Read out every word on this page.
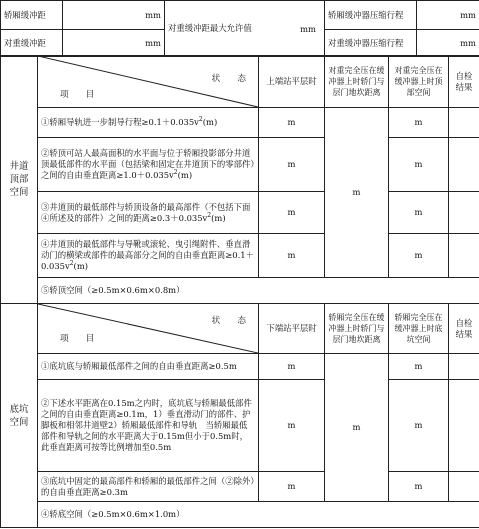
轿厢缓冲距	mm	对重缓冲距最大允许值 mm	轿厢缓冲器压缩行程	mm
对重缓冲距	mm		对重缓冲器压缩行程	mm
井道顶部空间	状　　态
项　　目	上端站平层时	对重完全压在缓冲器上时轿门与层门地坎距离	对重完全压在缓冲器上时顶部空间	自检结果
	①轿厢导轨进一步制导行程$\ge 0.1+0.035v^2(m)$	m	m	m	
	②轿顶可站人最高面积的水平面与位于轿厢投影部分井道顶最低部件的水平面（包括梁和固定在井道顶下的零部件）之间的自由垂直距离$\ge 1.0+0.035v^2(m)$	m		m	
	③井道顶的最低部件与轿顶设备的最高部件（不包括下面④所述及的部件）之间的距离$\ge 0.3+0.035v^2(m)$	m		m	
	④井道顶的最低部件与导靴或滚轮、曳引绳附件、垂直滑动门的横梁或部件的最高部分之间的自由垂直距离$\ge 0.1+0.035v^2(m)$	m		m	
	⑤轿顶空间（≥0.5m×0.6m×0.8m）				
底坑空间	状　　态
项　　目	下端站平层时	轿厢完全压在缓冲器上时轿门与层门地坎距离	轿厢完全压在缓冲器上时底坑空间	自检结果
	①底坑底与轿厢最低部件之间的自由垂直距离≥0.5m	m	m	m	
	②下述水平距离在0.15m之内时，底坑底与轿厢最低部件之间的自由垂直距离≥0.1m，1）垂直滑动门的部件、护脚板和相邻井道壁2）轿厢最低部件和导轨　当轿厢最低部件和导轨之间的水平距离大于0.15m但小于0.5m时，此垂直距离可按等比例增加至0.5m	m		m	
	③底坑中固定的最高部件和轿厢的最低部件之间（②除外）的自由垂直距离≥0.3m	m		m	
	④轿底空间（≥0.5m×0.6m×1.0m）				
